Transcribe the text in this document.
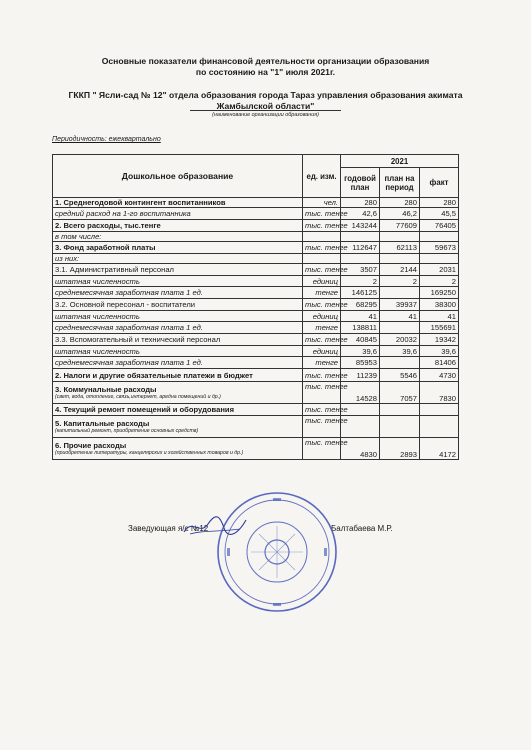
Основные показатели финансовой деятельности организации образования
по состоянию на "1" июля 2021г.
ГККП " Ясли-сад № 12" отдела образования города Тараз управления образования акимата
Жамбылской области"
(наименование организации образования)
Периодичность: ежеквартально
Дошкольное образование	ед. изм.	2021		
		годовой план	план на период	факт

1. Среднегодовой контингент воспитанников	чел.	280	280	280

средний расход на 1-го воспитанника	тыс. тенге	42,6	46,2	45,5

2. Всего расходы, тыс.тенге	тыс. тенге	143244	77609	76405

в том числе:				

3. Фонд заработной платы	тыс. тенге	112647	62113	59673

из них:				

3.1. Административный персонал	тыс. тенге	3507	2144	2031

штатная численность	единиц	2	2	2

среднемесячная заработная плата 1 ед.	тенге	146125		169250

3.2. Основной пересонал - воспитатели	тыс. тенге	68295	39937	38300

штатная численность	единиц	41	41	41

среднемесячная заработная плата 1 ед.	тенге	138811		155691

3.3. Вспомогательный и технический персонал	тыс. тенге	40845	20032	19342

штатная численность	единиц	39,6	39,6	39,6

среднемесячная заработная плата 1 ед.	тенге	85953		81406

2. Налоги и другие обязательные платежи в бюджет	тыс. тенге	11239	5546	4730

3. Коммунальные расходы
(свет, вода, отопление, связь,интернет, аредна помещений и др.)	тыс. тенге	14528	7057	7830

4. Текущий ремонт помещений и оборудования	тыс. тенге			

5. Капитальные расходы
(капитальный ремонт, приобретение основных средств)	тыс. тенге			

6. Прочие расходы
(приобретение литературы, канцелярских и хозяйственных товаров и др.)	тыс. тенге	4830	2893	4172
Заведующая я/с №12	Балтабаева М.Р.
